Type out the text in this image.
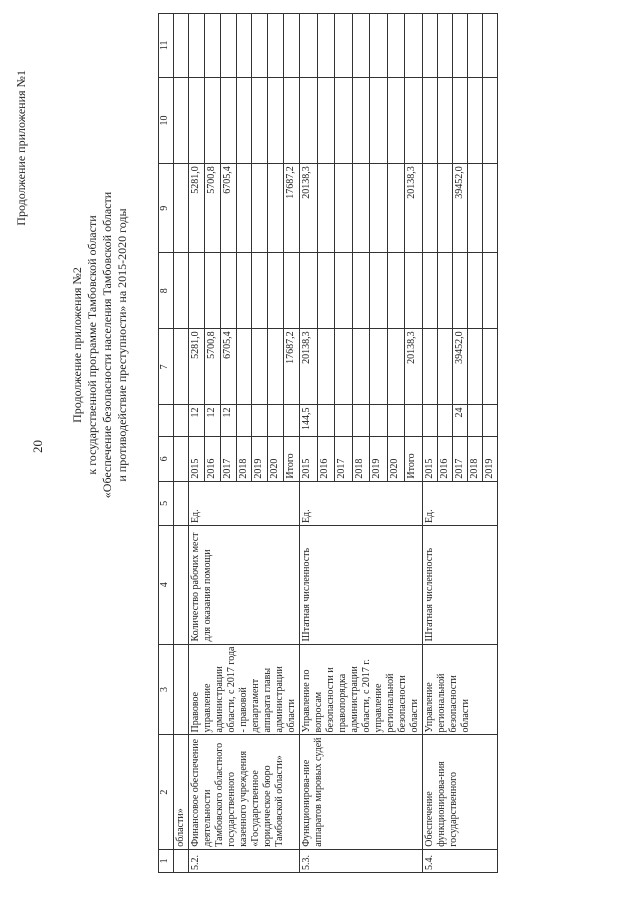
20
Продолжение приложения №1
Продолжение приложения №2 к государственной программе Тамбовской области «Обеспечение безопасности населения Тамбовской области и противодействие преступности» на 2015-2020 годы
1	2	3	4	5	6		7	8	9	10	11
	области»										
5.2.	Финансовое обеспечение деятельности Тамбовского областного государственного казенного учреждения «Государственное юридическое бюро Тамбовской области»	Правовое управление администрации области, с 2017 года - правовой департамент аппарата главы администрации области	Количество рабочих мест для оказания помощи	Ед.	2015	12	5281,0		5281,0		
					2016	12	5700,8		5700,8		
					2017	12	6705,4		6705,4		
					2018						
					2019						
					2020						
					Итого		17687,2		17687,2		
5.3.	Функционирова-ние аппаратов мировых судей	Управление по вопросам безопасности и правопорядка администрации области, с 2017 г. управление региональной безопасности области	Штатная численность	Ед.	2015	144,5	20138,3		20138,3		
					2016						
					2017						
					2018						
					2019						
					2020						
					Итого		20138,3		20138,3		
5.4.	Обеспечение функционирова-ния государственного	Управление региональной безопасности области	Штатная численность	Ед.	2015						
					2016						
					2017	24	39452,0		39452,0		
					2018						
					2019						
